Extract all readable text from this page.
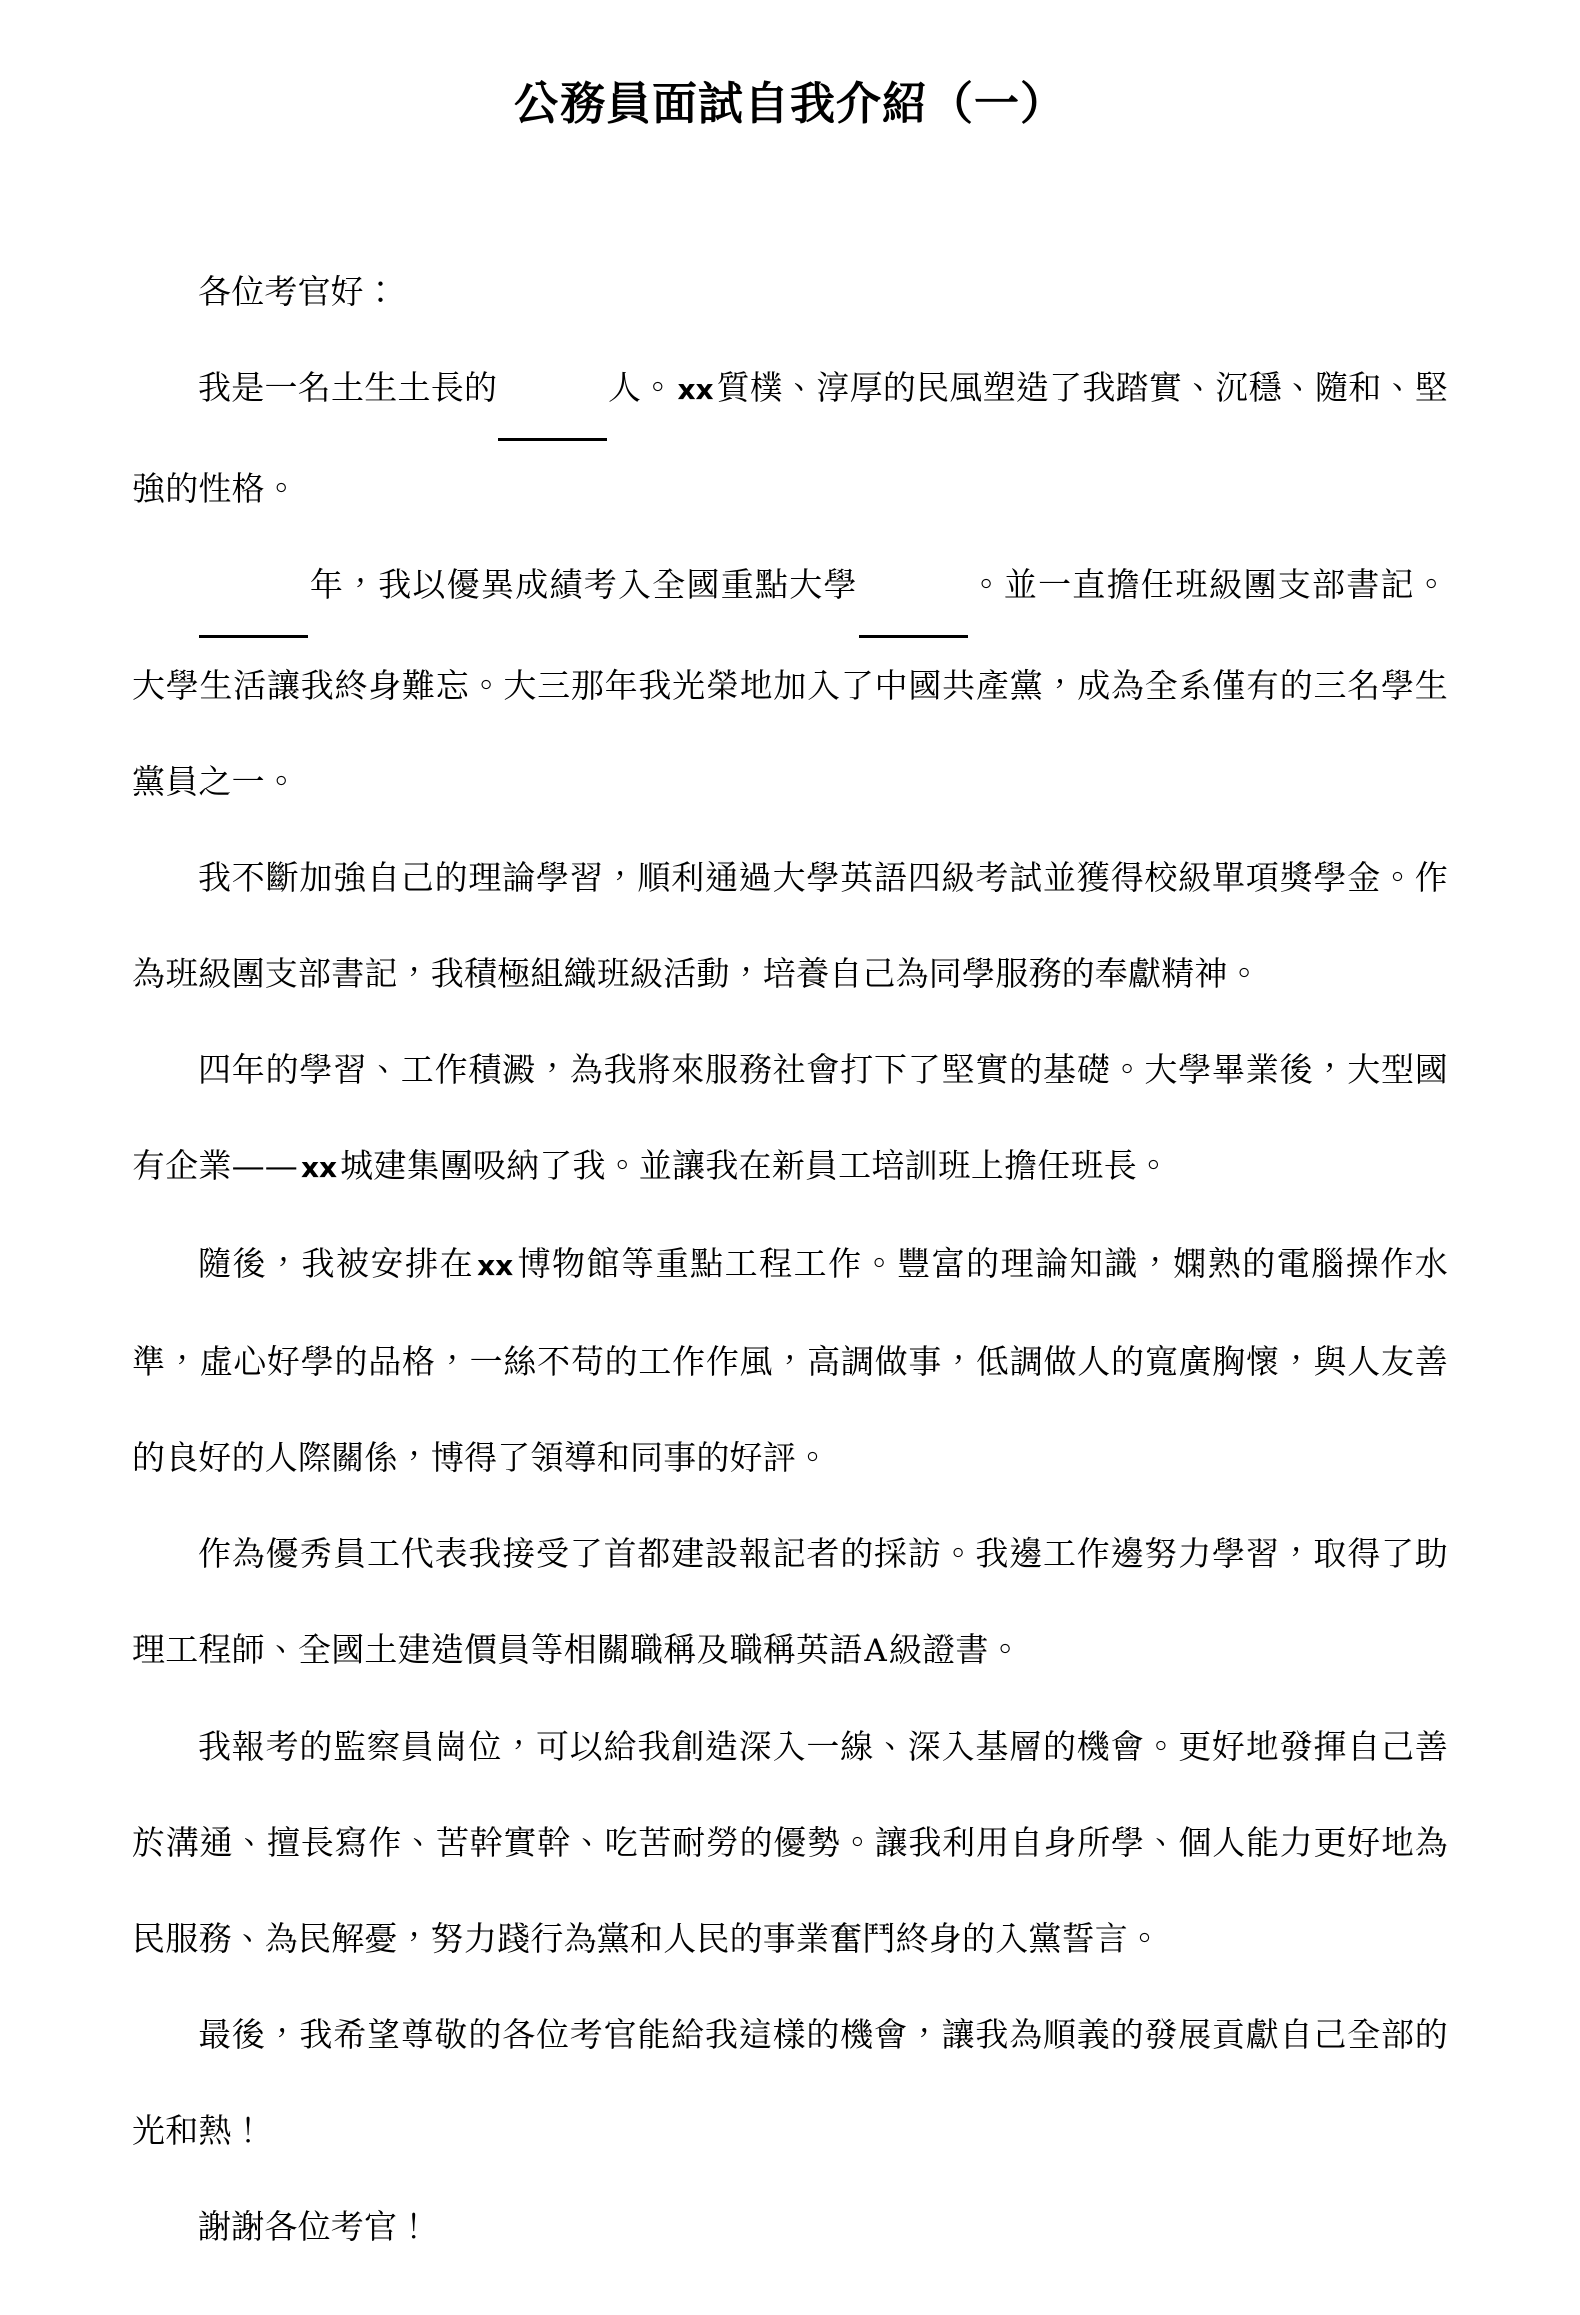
公務員面試自我介紹（一）

各位考官好：

我是一名土生土長的	人。 xx質樸、淳厚的民風塑造了我踏實、沉穩、隨和、堅強的性格。

年，我以優異成績考入全國重點大學	。並一直擔任班級團支部書記。大學生活讓我終身難忘。大三那年我光榮地加入了中國共產黨，成為全系僅有的三名學生黨員之一。

我不斷加強自己的理論學習，順利通過大學英語四級考試並獲得校級單項獎學金。作為班級團支部書記，我積極組織班級活動，培養自己為同學服務的奉獻精神。

四年的學習、工作積澱，為我將來服務社會打下了堅實的基礎。大學畢業後，大型國有企業—— xx城建集團吸納了我。並讓我在新員工培訓班上擔任班長。

隨後，我被安排在 xx博物館等重點工程工作。豐富的理論知識，嫻熟的電腦操作水準，虛心好學的品格，一絲不苟的工作作風，高調做事，低調做人的寬廣胸懷，與人友善的良好的人際關係，博得了領導和同事的好評。

作為優秀員工代表我接受了首都建設報記者的採訪。我邊工作邊努力學習，取得了助理工程師、全國土建造價員等相關職稱及職稱英語A級證書。

我報考的監察員崗位，可以給我創造深入一線、深入基層的機會。更好地發揮自己善於溝通、擅長寫作、苦幹實幹、吃苦耐勞的優勢。讓我利用自身所學、個人能力更好地為民服務、為民解憂，努力踐行為黨和人民的事業奮鬥終身的入黨誓言。

最後，我希望尊敬的各位考官能給我這樣的機會，讓我為順義的發展貢獻自己全部的光和熱！

謝謝各位考官！
